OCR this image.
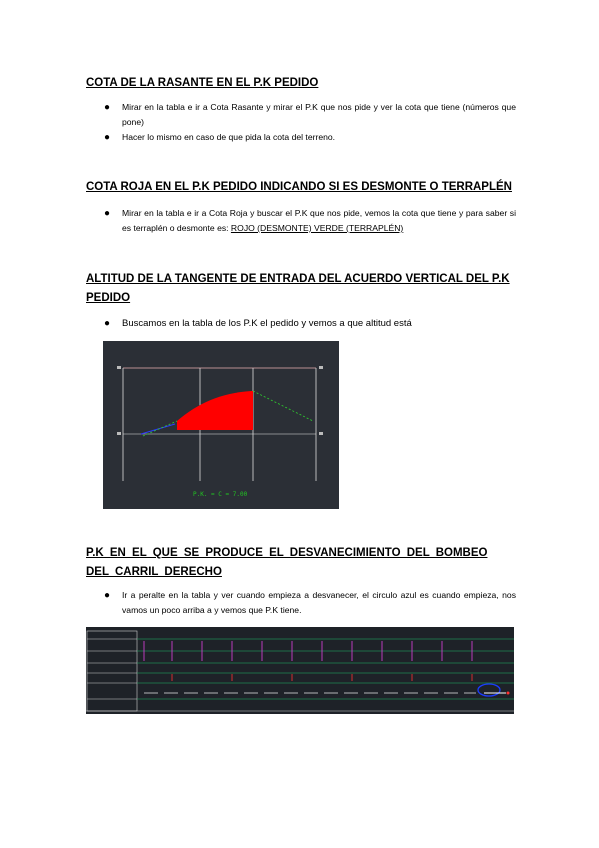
COTA DE LA RASANTE EN EL P.K PEDIDO
● Mirar en la tabla e ir a Cota Rasante y mirar el P.K que nos pide y ver la cota que tiene (números que pone)
● Hacer lo mismo en caso de que pida la cota del terreno.
COTA ROJA EN EL P.K PEDIDO INDICANDO SI ES DESMONTE O TERRAPLÉN
● Mirar en la tabla e ir a Cota Roja y buscar el P.K que nos pide, vemos la cota que tiene y para saber si es terraplén o desmonte es: ROJO (DESMONTE) VERDE (TERRAPLÉN)
ALTITUD DE LA TANGENTE DE ENTRADA DEL ACUERDO VERTICAL DEL P.K PEDIDO
● Buscamos en la tabla de los P.K el pedido y vemos a que altitud está
P.K. = C = 7.00
P.K EN EL QUE SE PRODUCE EL DESVANECIMIENTO DEL BOMBEO DEL CARRIL DERECHO
● Ir a peralte en la tabla y ver cuando empieza a desvanecer, el circulo azul es cuando empieza, nos vamos un poco arriba a y vemos que P.K tiene.
